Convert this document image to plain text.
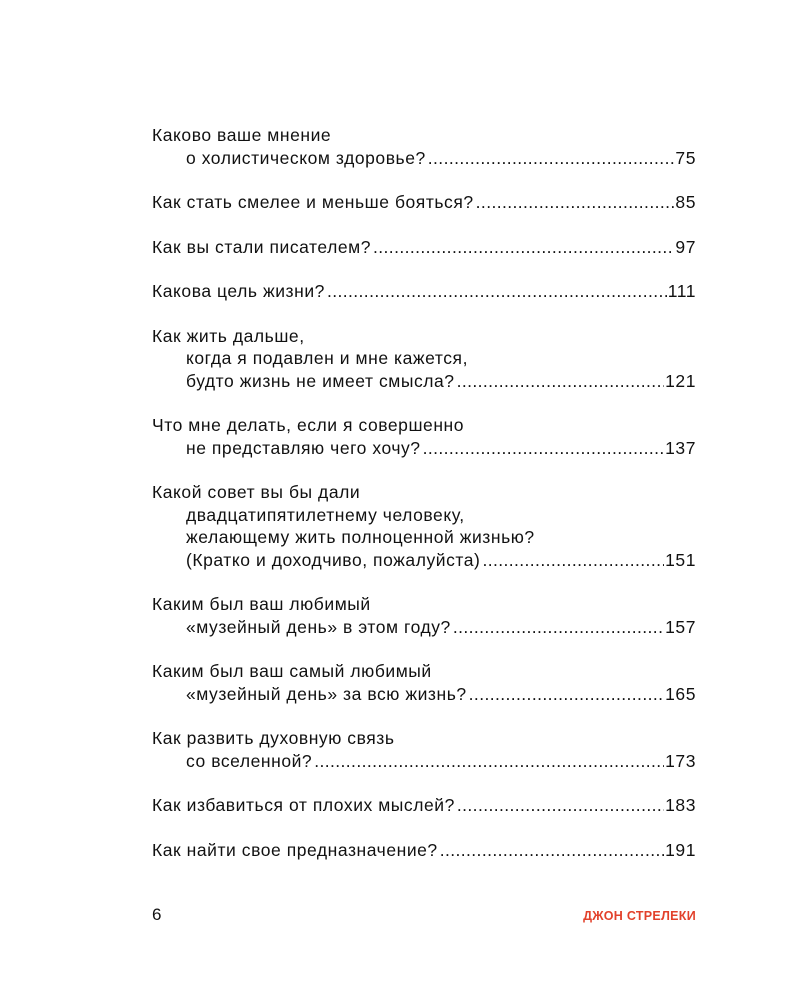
Каково ваше мнение
о холистическом здоровье? .....	75
Как стать смелее и меньше бояться? .....	85
Как вы стали писателем? .....	97
Какова цель жизни? .....	111
Как жить дальше,
когда я подавлен и мне кажется,
будто жизнь не имеет смысла? .....	121
Что мне делать, если я совершенно
не представляю чего хочу? .....	137
Какой совет вы бы дали
двадцатипятилетнему человеку,
желающему жить полноценной жизнью?
(Кратко и доходчиво, пожалуйста) .....	151
Каким был ваш любимый
«музейный день» в этом году? .....	157
Каким был ваш самый любимый
«музейный день» за всю жизнь? .....	165
Как развить духовную связь
со вселенной? .....	173
Как избавиться от плохих мыслей? .....	183
Как найти свое предназначение? .....	191
6	ДЖОН СТРЕЛЕКИ
